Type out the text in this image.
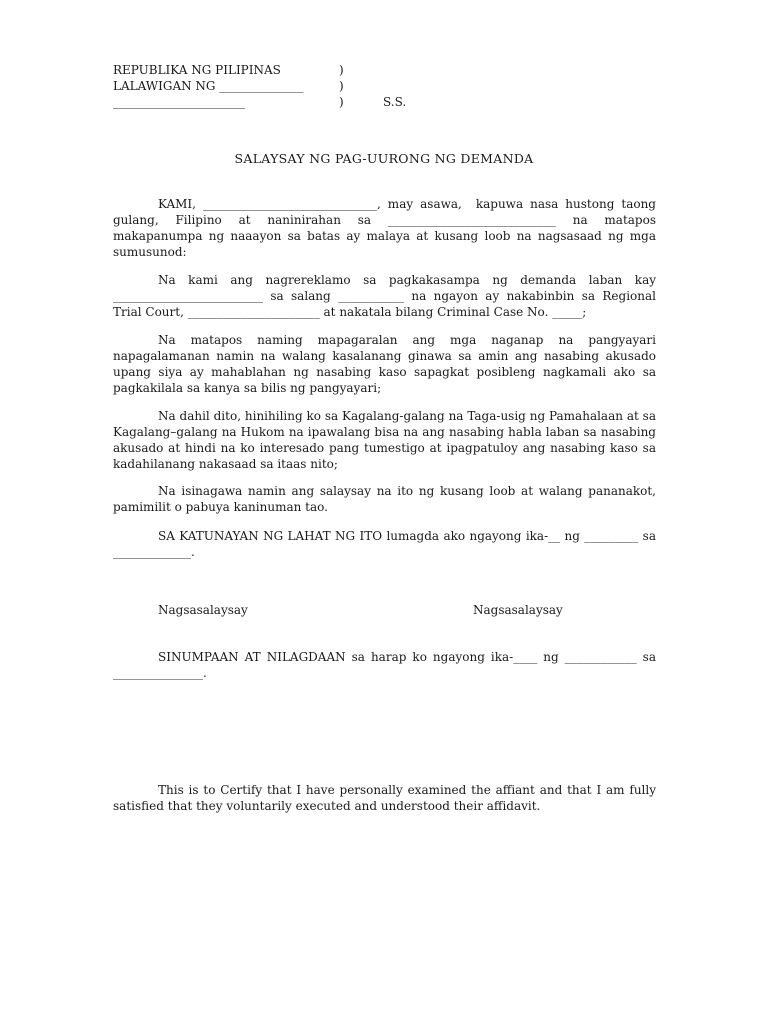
REPUBLIKA NG PILIPINAS	)
LALAWIGAN NG ______________	)
______________________	)	S.S.
SALAYSAY NG PAG-UURONG NG DEMANDA

KAMI, _____________________________, may asawa,  kapuwa nasa hustong taong gulang, Filipino at naninirahan sa ____________________________ na matapos makapanumpa ng naaayon sa batas ay malaya at kusang loob na nagsasaad ng mga sumusunod:

Na kami ang nagrereklamo sa pagkakasampa ng demanda laban kay _________________________ sa salang ___________ na ngayon ay nakabinbin sa Regional Trial Court, ______________________ at nakatala bilang Criminal Case No. _____;

Na matapos naming mapagaralan ang mga naganap na pangyayari napagalamanan namin na walang kasalanang ginawa sa amin ang nasabing akusado upang siya ay mahablahan ng nasabing kaso sapagkat posibleng nagkamali ako sa pagkakilala sa kanya sa bilis ng pangyayari;

Na dahil dito, hinihiling ko sa Kagalang-galang na Taga-usig ng Pamahalaan at sa Kagalang–galang na Hukom na ipawalang bisa na ang nasabing habla laban sa nasabing akusado at hindi na ko interesado pang tumestigo at ipagpatuloy ang nasabing kaso sa kadahilanang nakasaad sa itaas nito;

Na isinagawa namin ang salaysay na ito ng kusang loob at walang pananakot, pamimilit o pabuya kaninuman tao.

SA KATUNAYAN NG LAHAT NG ITO lumagda ako ngayong ika-__ ng _________ sa _____________.

Nagsasalaysay	Nagsasalaysay

SINUMPAAN AT NILAGDAAN sa harap ko ngayong ika-____ ng ____________ sa _______________.

This is to Certify that I have personally examined the affiant and that I am fully satisfied that they voluntarily executed and understood their affidavit.
